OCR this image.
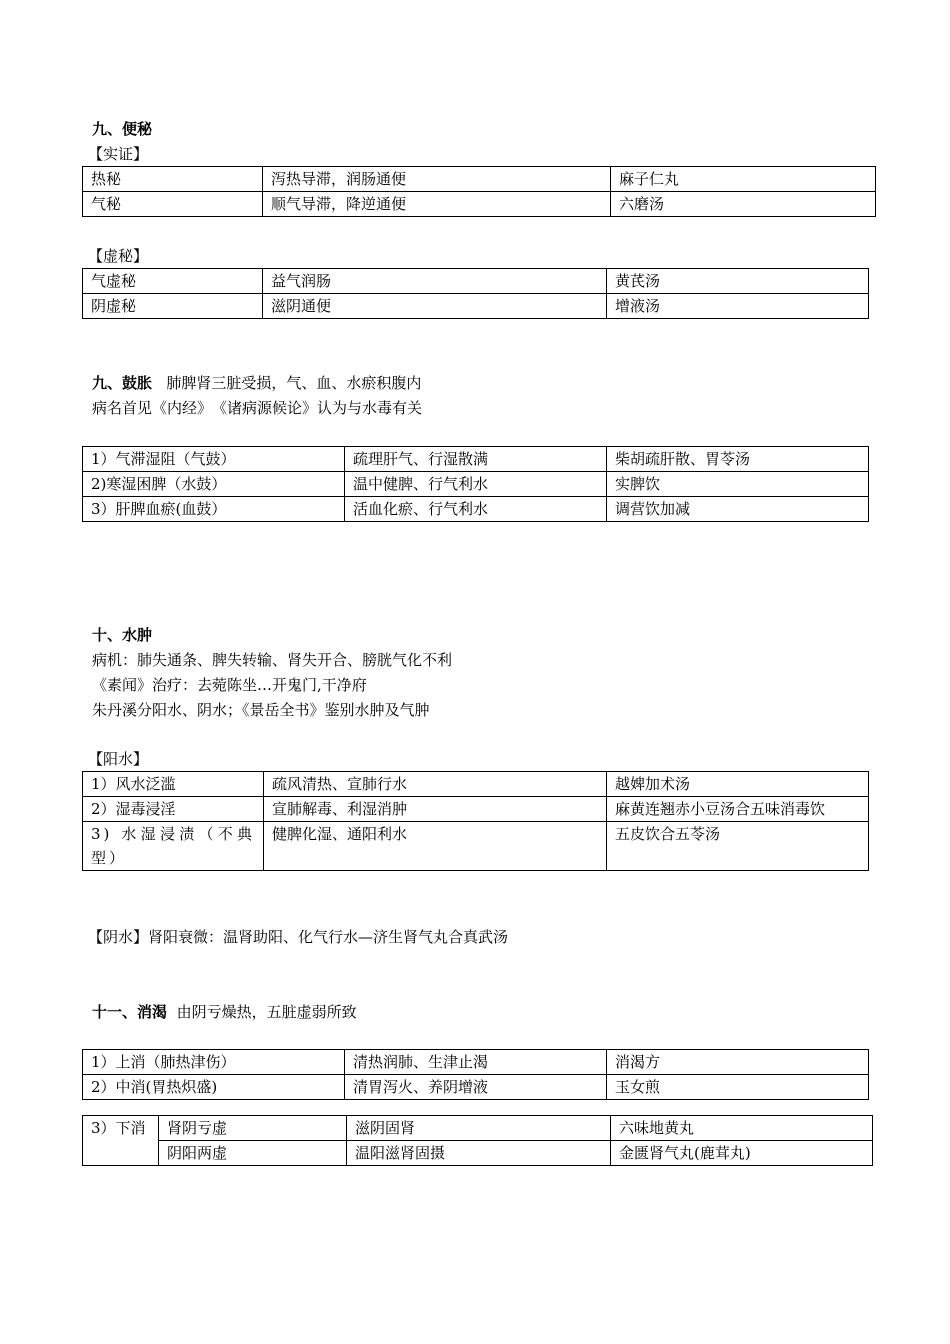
九、便秘
【实证】
热秘	泻热导滞，润肠通便	麻子仁丸
气秘	顺气导滞，降逆通便	六磨汤
【虚秘】
气虚秘	益气润肠	黄芪汤
阴虚秘	滋阴通便	增液汤
九、鼓胀 肺脾肾三脏受损，气、血、水瘀积腹内
病名首见《内经》　《诸病源候论》认为与水毒有关
1）气滞湿阻（气鼓）	疏理肝气、行湿散满	柴胡疏肝散、胃苓汤
2)寒湿困脾（水鼓）	温中健脾、行气利水	实脾饮
3）肝脾血瘀(血鼓）	活血化瘀、行气利水	调营饮加减
十、水肿
病机：肺失通条、脾失转输、肾失开合、膀胱气化不利
《素闻》治疗：去菀陈坐…开鬼门,干净府
朱丹溪分阳水、阴水；《景岳全书》鉴别水肿及气肿
【阳水】
1）风水泛滥	疏风清热、宣肺行水	越婢加术汤
2）湿毒浸淫	宣肺解毒、利湿消肿	麻黄连翘赤小豆汤合五味消毒饮
3) 水湿浸渍（不典型）	健脾化湿、通阳利水	五皮饮合五苓汤
【阴水】肾阳衰微：温肾助阳、化气行水—济生肾气丸合真武汤
十一、消渴 由阴亏燥热，五脏虚弱所致
1）上消（肺热津伤）	清热润肺、生津止渴	消渴方
2）中消(胃热炽盛)	清胃泻火、养阴增液	玉女煎
3）下消	肾阴亏虚	滋阴固肾	六味地黄丸
	阴阳两虚	温阳滋肾固摄	金匮肾气丸(鹿茸丸)
